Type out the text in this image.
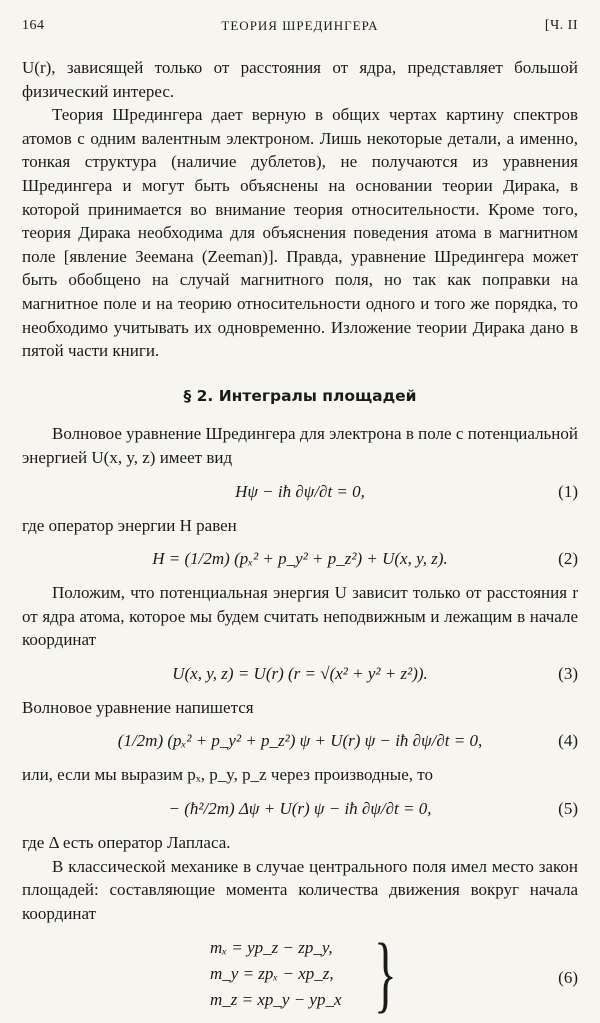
164	ТЕОРИЯ ШРЕДИНГЕРА	[Ч. II

U(r), зависящей только от расстояния от ядра, представляет большой физический интерес.

Теория Шредингера дает верную в общих чертах картину спектров атомов с одним валентным электроном. Лишь некоторые детали, а именно, тонкая структура (наличие дублетов), не получаются из уравнения Шредингера и могут быть объяснены на основании теории Дирака, в которой принимается во внимание теория относительности. Кроме того, теория Дирака необходима для объяснения поведения атома в магнитном поле [явление Зеемана (Zeeman)]. Правда, уравнение Шредингера может быть обобщено на случай магнитного поля, но так как поправки на магнитное поле и на теорию относительности одного и того же порядка, то необходимо учитывать их одновременно. Изложение теории Дирака дано в пятой части книги.

§ 2. Интегралы площадей

Волновое уравнение Шредингера для электрона в поле с потенциальной энергией U(x, y, z) имеет вид

Hψ − iħ ∂ψ/∂t = 0,	(1)

где оператор энергии H равен

H = (1/2m) (pₓ² + p_y² + p_z²) + U(x, y, z).	(2)

Положим, что потенциальная энергия U зависит только от расстояния r от ядра атома, которое мы будем считать неподвижным и лежащим в начале координат

U(x, y, z) = U(r) (r = √(x² + y² + z²)).	(3)

Волновое уравнение напишется

(1/2m) (pₓ² + p_y² + p_z²) ψ + U(r) ψ − iħ ∂ψ/∂t = 0,	(4)

или, если мы выразим pₓ, p_y, p_z через производные, то

− (ħ²/2m) Δψ + U(r) ψ − iħ ∂ψ/∂t = 0,	(5)

где Δ есть оператор Лапласа.

В классической механике в случае центрального поля имел место закон площадей: составляющие момента количества движения вокруг начала координат

mₓ = yp_z − zp_y,
m_y = zpₓ − xp_z,
m_z = xp_y − yp_x }	(6)
